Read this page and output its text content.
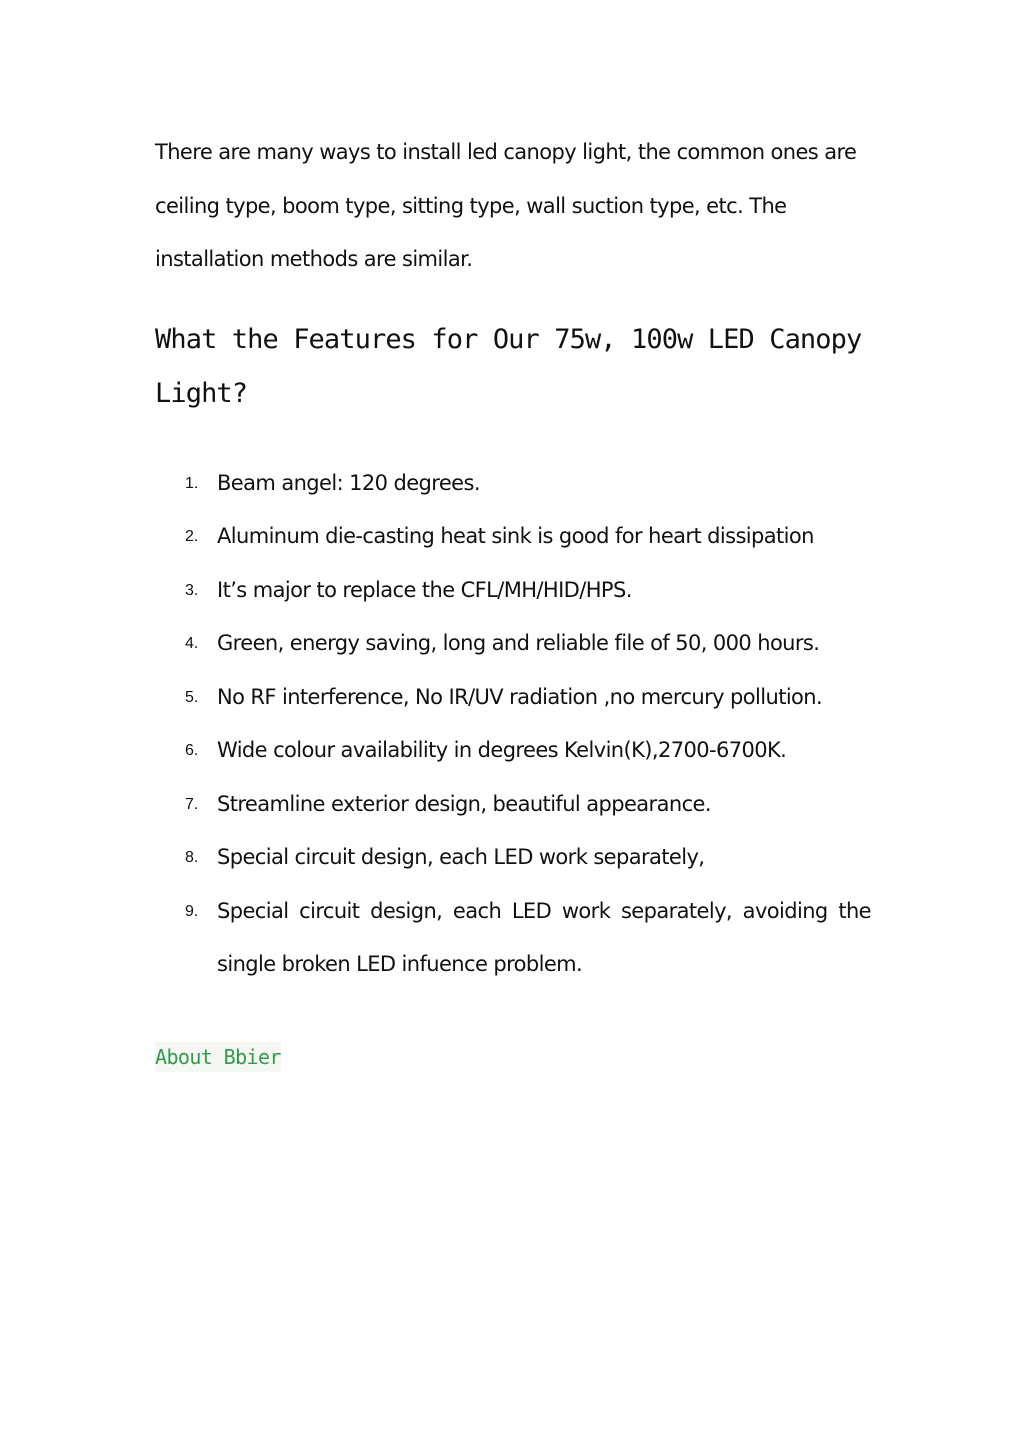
There are many ways to install led canopy light, the common ones are ceiling type, boom type, sitting type, wall suction type, etc. The installation methods are similar.

What the Features for Our 75w, 100w LED Canopy Light?
1. Beam angel: 120 degrees.
2. Aluminum die-casting heat sink is good for heart dissipation
3. It’s major to replace the CFL/MH/HID/HPS.
4. Green, energy saving, long and reliable file of 50, 000 hours.
5. No RF interference, No IR/UV radiation ,no mercury pollution.
6. Wide colour availability in degrees Kelvin(K),2700-6700K.
7. Streamline exterior design, beautiful appearance.
8. Special circuit design, each LED work separately,
9. Special circuit design, each LED work separately, avoiding the single broken LED infuence problem.
About Bbier
